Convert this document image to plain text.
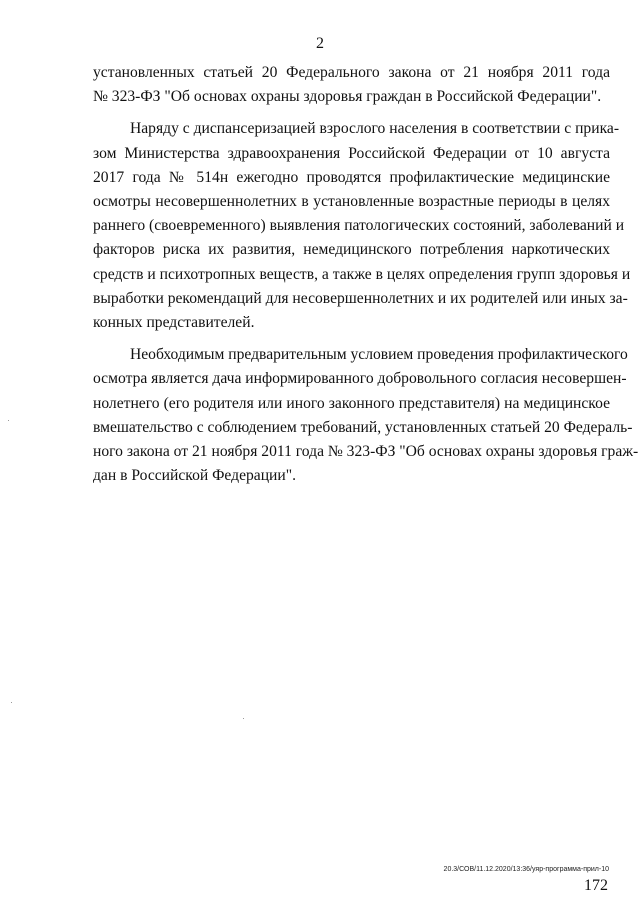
2

установленных статьей 20 Федерального закона от 21 ноября 2011 года
№ 323-ФЗ "Об основах охраны здоровья граждан в Российской Федерации".

Наряду с диспансеризацией взрослого населения в соответствии с прика-
зом Министерства здравоохранения Российской Федерации от 10 августа
2017 года № 514н ежегодно проводятся профилактические медицинские
осмотры несовершеннолетних в установленные возрастные периоды в целях
раннего (своевременного) выявления патологических состояний, заболеваний и
факторов риска их развития, немедицинского потребления наркотических
средств и психотропных веществ, а также в целях определения групп здоровья и
выработки рекомендаций для несовершеннолетних и их родителей или иных за-
конных представителей.

Необходимым предварительным условием проведения профилактического
осмотра является дача информированного добровольного согласия несовершен-
нолетнего (его родителя или иного законного представителя) на медицинское
вмешательство с соблюдением требований, установленных статьей 20 Федераль-
ного закона от 21 ноября 2011 года № 323-ФЗ "Об основах охраны здоровья граж-
дан в Российской Федерации".

20.3/СОВ/11.12.2020/13:36/уяр-программа-прил-10
172
